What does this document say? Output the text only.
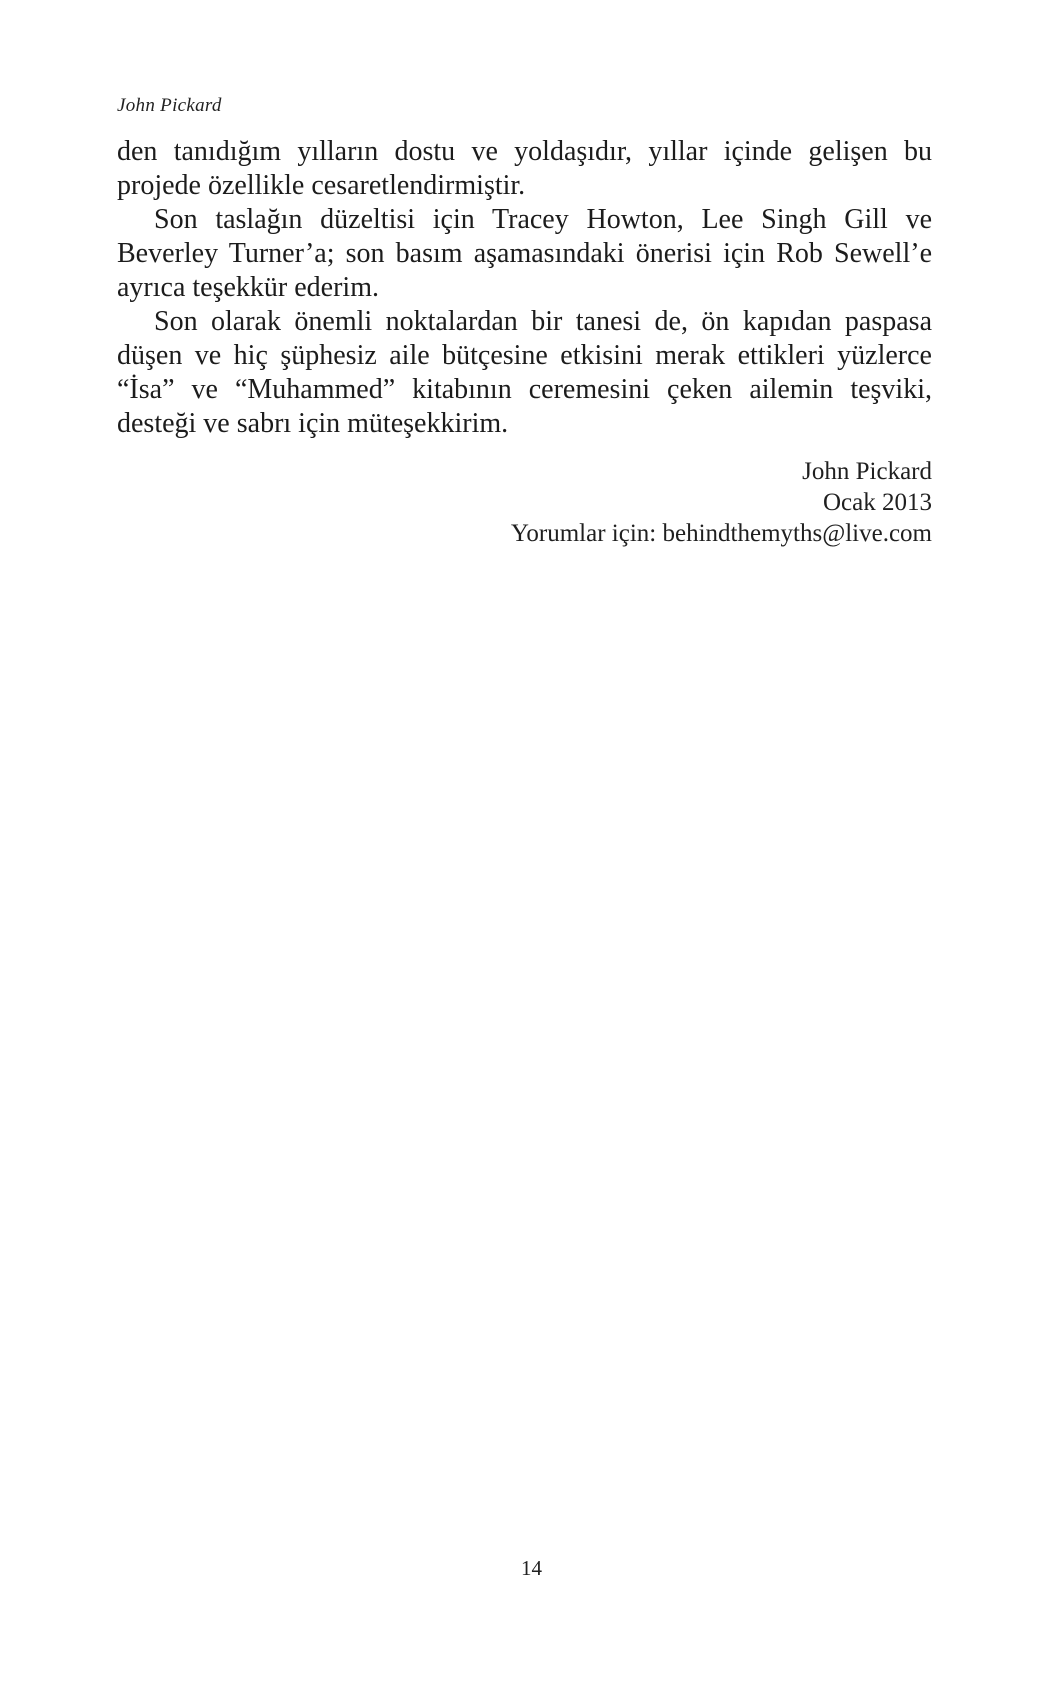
John Pickard
den tanıdığım yılların dostu ve yoldaşıdır, yıllar içinde gelişen bu
projede özellikle cesaretlendirmiştir.
Son taslağın düzeltisi için Tracey Howton, Lee Singh Gill ve
Beverley Turner’a; son basım aşamasındaki önerisi için Rob Sewell’e
ayrıca teşekkür ederim.
Son olarak önemli noktalardan bir tanesi de, ön kapıdan paspasa
düşen ve hiç şüphesiz aile bütçesine etkisini merak ettikleri yüzlerce
“İsa” ve “Muhammed” kitabının ceremesini çeken ailemin teşviki,
desteği ve sabrı için müteşekkirim.
John Pickard
Ocak 2013
Yorumlar için: behindthemyths@live.com
14
